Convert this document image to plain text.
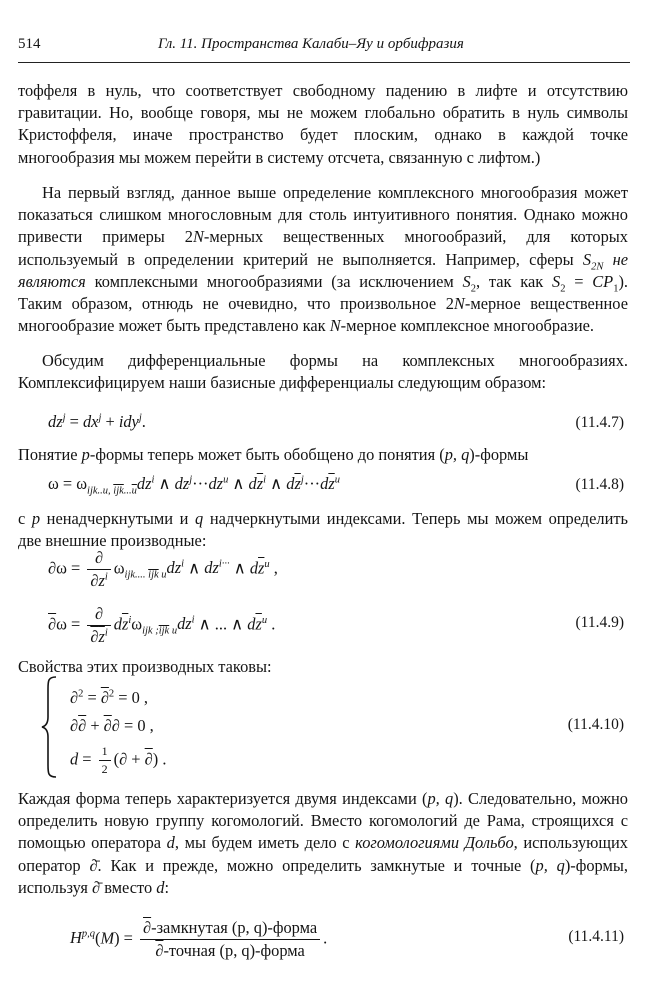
514	Гл. 11. Пространства Калаби–Яу и орбифразия
тоффеля в нуль, что соответствует свободному падению в лифте и отсутствию гравитации. Но, вообще говоря, мы не можем глобально обратить в нуль символы Кристоффеля, иначе пространство будет плоским, однако в каждой точке многообразия мы можем перейти в систему отсчета, связанную с лифтом.)
На первый взгляд, данное выше определение комплексного многообразия может показаться слишком многословным для столь интуитивного понятия. Однако можно привести примеры 2N-мерных вещественных многообразий, для которых используемый в определении критерий не выполняется. Например, сферы $S_{2N}$ не являются комплексными многообразиями (за исключением $S_2$, так как $S_2 = CP_1$). Таким образом, отнюдь не очевидно, что произвольное 2N-мерное вещественное многообразие может быть представлено как N-мерное комплексное многообразие.
Обсудим дифференциальные формы на комплексных многообразиях. Комплексифицируем наши базисные дифференциалы следующим образом:
$dz^j = dx^j + idy^j$.	(11.4.7)
Понятие p-формы теперь может быть обобщено до понятия (p, q)-формы
$\omega = \omega_{ijk..u, \overline{ijk}...\overline{u}}dz^i$ ∧ $dz^j\cdot\cdot\cdot dz^u$ ∧ $d\overline{z}^i$ ∧ $d\overline{z}^j\cdot\cdot\cdot d\overline{z}^u$	(11.4.8)
с p ненадчеркнутыми и q надчеркнутыми индексами. Теперь мы можем определить две внешние производные:
$\partial\omega = \frac{\partial}{\partial z^i} \omega_{ijk.... \overline{ijk} u}dz^i$ ∧ $dz^{i\cdot\cdot\cdot}$ ∧ $d\overline{z}^u$ ,
$\partial\omega = \frac{\partial}{\partial z^i} d\overline{z}^i\omega_{ijk ;\overline{ijk} u}dz^i$ ∧ ... ∧ $d\overline{z}^u$ .	(11.4.9)
Свойства этих производных таковы:
∂$^2$ = ∂$^2$ = 0 ,
∂∂ + ∂∂ = 0 ,
$d = \frac{1}{2}$ (∂ + ∂) .
(11.4.10)
Каждая форма теперь характеризуется двумя индексами (p, q). Следовательно, можно определить новую группу когомологий. Вместо когомологий де Рама, строящихся с помощью оператора d, мы будем иметь дело с когомологиями Дольбо, использующих оператор ∂̄. Как и прежде, можно определить замкнутые и точные (p, q)-формы, используя ∂̄ вместо d:
$H^{p,q}(M) = \frac{\text{∂-замкнутая (p, q)-форма}}{\text{∂-точная (p, q)-форма}}$ .	(11.4.11)
